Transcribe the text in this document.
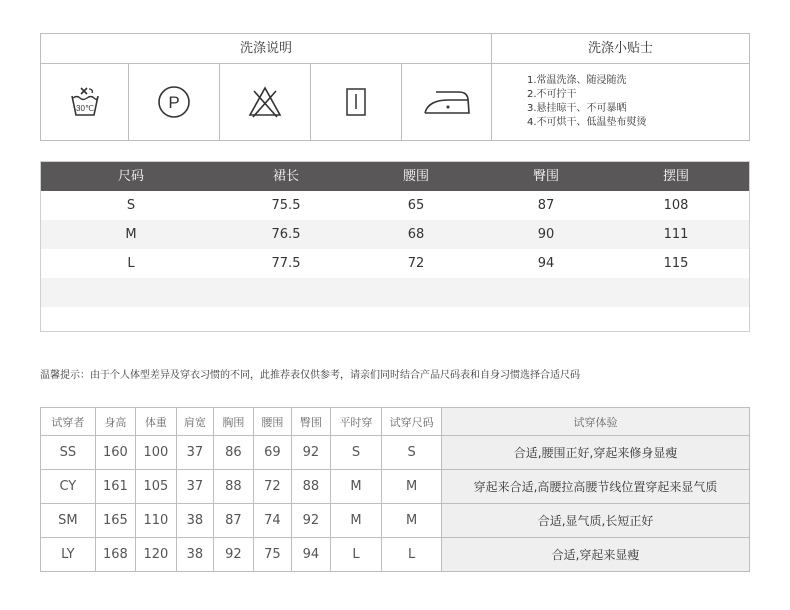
洗涤说明	洗涤小贴士
30℃	P
1.常温洗涤、随浸随洗
2.不可拧干
3.悬挂晾干、不可暴晒
4.不可烘干、低温垫布熨烫
尺码	裙长	腰围	臀围	摆围
S	75.5	65	87	108
M	76.5	68	90	111
L	77.5	72	94	115
温馨提示：由于个人体型差异及穿衣习惯的不同，此推荐表仅供参考，请亲们同时结合产品尺码表和自身习惯选择合适尺码
试穿者	身高	体重	肩宽	胸围	腰围	臀围	平时穿	试穿尺码	试穿体验
SS	160	100	37	86	69	92	S	S	合适,腰围正好,穿起来修身显瘦
CY	161	105	37	88	72	88	M	M	穿起来合适,高腰拉高腰节线位置穿起来显气质
SM	165	110	38	87	74	92	M	M	合适,显气质,长短正好
LY	168	120	38	92	75	94	L	L	合适,穿起来显瘦
